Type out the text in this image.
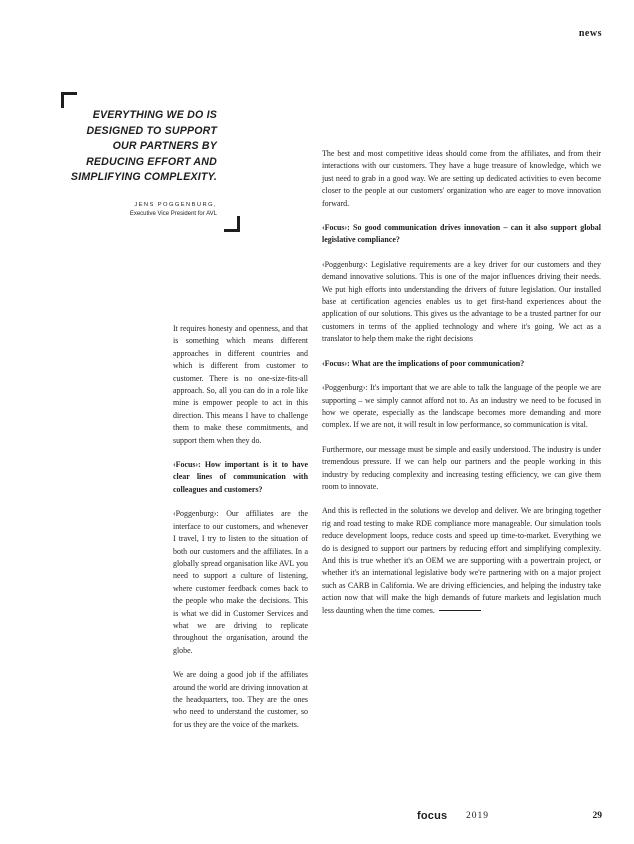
news
EVERYTHING WE DO IS DESIGNED TO SUPPORT OUR PARTNERS BY REDUCING EFFORT AND SIMPLIFYING COMPLEXITY.
JENS POGGENBURG,
Executive Vice President for AVL

It requires honesty and openness, and that is something which means different approaches in different countries and which is different from customer to customer. There is no one-size-fits-all approach. So, all you can do in a role like mine is empower people to act in this direction. This means I have to challenge them to make these commitments, and support them when they do.

‹Focus›: How important is it to have clear lines of communication with colleagues and customers?

‹Poggenburg›: Our affiliates are the interface to our customers, and whenever I travel, I try to listen to the situation of both our customers and the affiliates. In a globally spread organisation like AVL you need to support a culture of listening, where customer feedback comes back to the people who make the decisions. This is what we did in Customer Services and what we are driving to replicate throughout the organisation, around the globe.

We are doing a good job if the affiliates around the world are driving innovation at the headquarters, too. They are the ones who need to understand the customer, so for us they are the voice of the markets.

The best and most competitive ideas should come from the affiliates, and from their interactions with our customers. They have a huge treasure of knowledge, which we just need to grab in a good way. We are setting up dedicated activities to even become closer to the people at our customers' organization who are eager to move innovation forward.

‹Focus›: So good communication drives innovation – can it also support global legislative compliance?

‹Poggenburg›: Legislative requirements are a key driver for our customers and they demand innovative solutions. This is one of the major influences driving their needs. We put high efforts into understanding the drivers of future legislation. Our installed base at certification agencies enables us to get first-hand experiences about the application of our solutions. This gives us the advantage to be a trusted partner for our customers in terms of the applied technology and where it's going. We act as a translator to help them make the right decisions

‹Focus›: What are the implications of poor communication?

‹Poggenburg›: It's important that we are able to talk the language of the people we are supporting – we simply cannot afford not to. As an industry we need to be focused in how we operate, especially as the landscape becomes more demanding and more complex. If we are not, it will result in low performance, so communication is vital.

Furthermore, our message must be simple and easily understood. The industry is under tremendous pressure. If we can help our partners and the people working in this industry by reducing complexity and increasing testing efficiency, we can give them room to innovate.

And this is reflected in the solutions we develop and deliver. We are bringing together rig and road testing to make RDE compliance more manageable. Our simulation tools reduce development loops, reduce costs and speed up time-to-market. Everything we do is designed to support our partners by reducing effort and simplifying complexity. And this is true whether it's an OEM we are supporting with a powertrain project, or whether it's an international legislative body we're partnering with on a major project such as CARB in California. We are driving efficiencies, and helping the industry take action now that will make the high demands of future markets and legislation much less daunting when the time comes.

focus 2019	29
